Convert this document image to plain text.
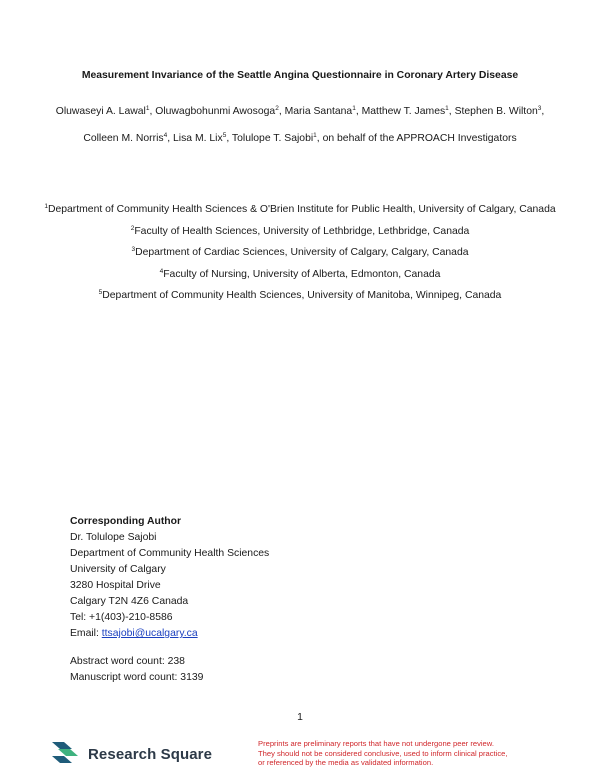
Measurement Invariance of the Seattle Angina Questionnaire in Coronary Artery Disease
Oluwaseyi A. Lawal$^1$, Oluwagbohunmi Awosoga$^2$, Maria Santana$^1$, Matthew T. James$^1$, Stephen B. Wilton$^3$, Colleen M. Norris$^4$, Lisa M. Lix$^5$, Tolulope T. Sajobi$^1$, on behalf of the APPROACH Investigators
$^1$Department of Community Health Sciences & O'Brien Institute for Public Health, University of Calgary, Canada
$^2$Faculty of Health Sciences, University of Lethbridge, Lethbridge, Canada
$^3$Department of Cardiac Sciences, University of Calgary, Calgary, Canada
$^4$Faculty of Nursing, University of Alberta, Edmonton, Canada
$^5$Department of Community Health Sciences, University of Manitoba, Winnipeg, Canada
Corresponding Author
Dr. Tolulope Sajobi
Department of Community Health Sciences
University of Calgary
3280 Hospital Drive
Calgary T2N 4Z6 Canada
Tel: +1(403)-210-8586
Email: ttsajobi@ucalgary.ca
Abstract word count: 238
Manuscript word count: 3139
1
Research Square
Preprints are preliminary reports that have not undergone peer review.
They should not be considered conclusive, used to inform clinical practice,
or referenced by the media as validated information.
